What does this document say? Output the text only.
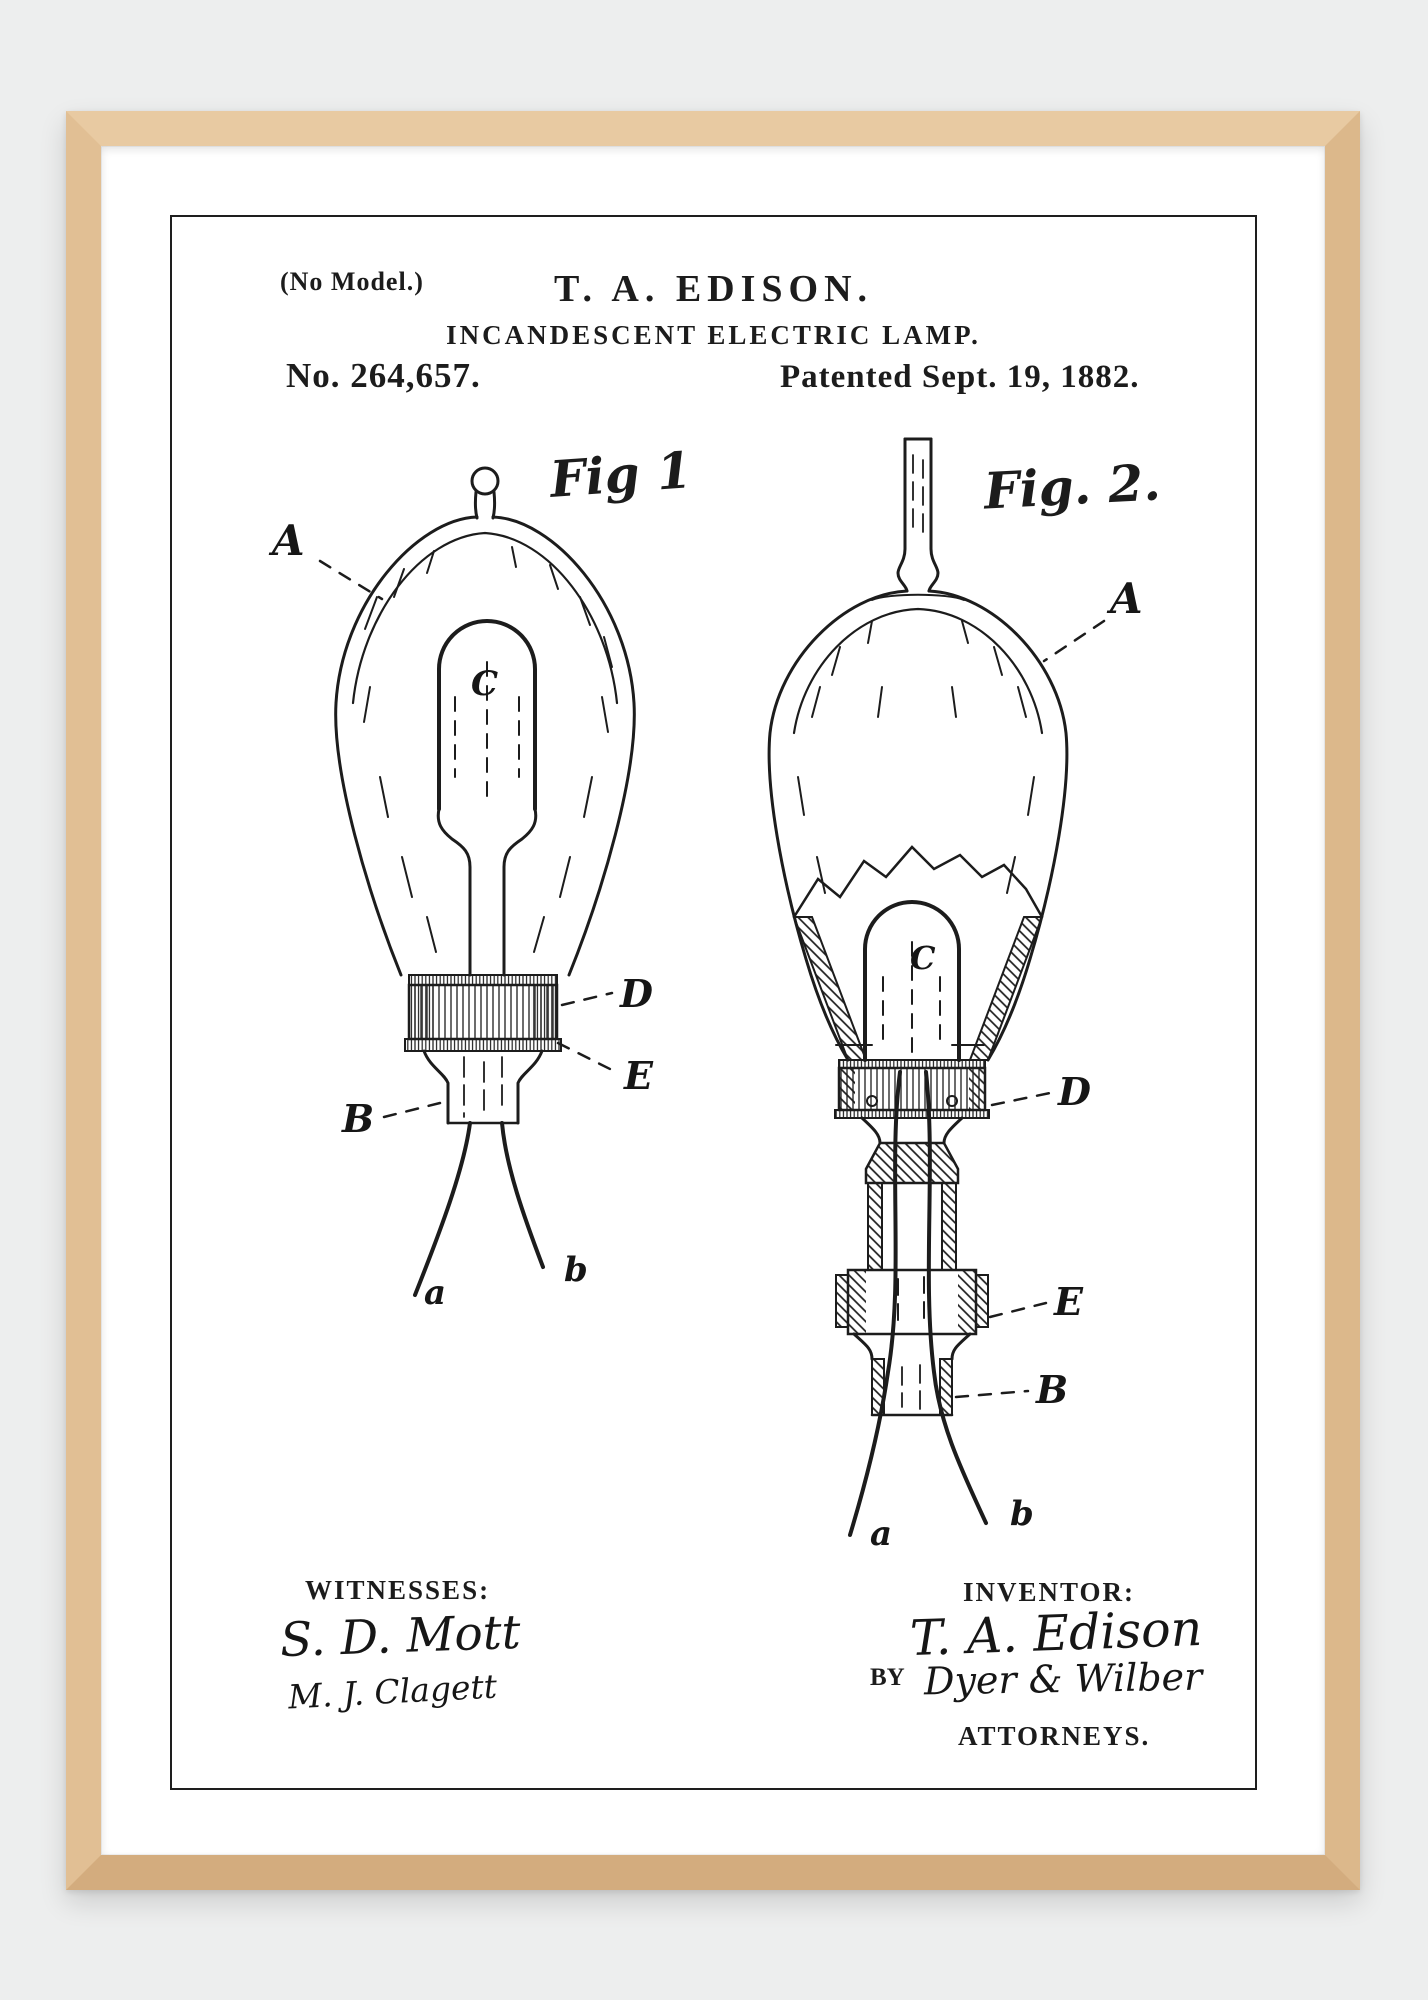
(No Model.)	T. A. EDISON.
INCANDESCENT ELECTRIC LAMP.
No. 264,657.	Patented Sept. 19, 1882.
Fig 1	Fig. 2.
A
C
D
E
B
a
b
A
C
D
E
B
a	b
WITNESSES:
S. D. Mott
M. J. Clagett
INVENTOR:
T. A. Edison
BY Dyer & Wilber
ATTORNEYS.
